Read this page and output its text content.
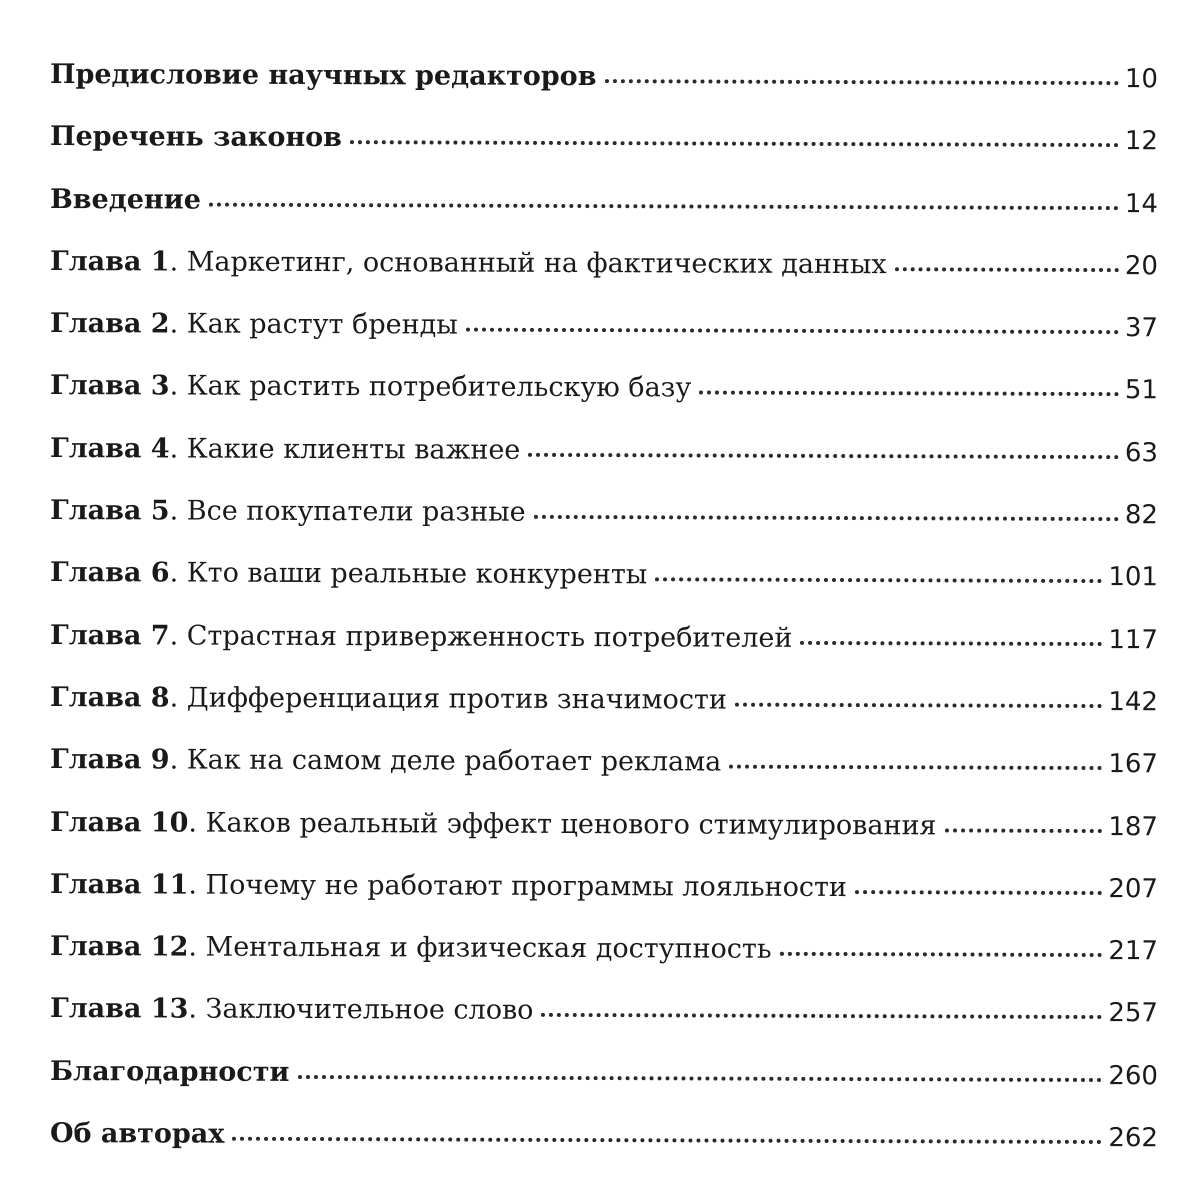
Предисловие научных редакторов	10
Перечень законов	12
Введение	14
Глава 1. Маркетинг, основанный на фактических данных	20
Глава 2. Как растут бренды	37
Глава 3. Как растить потребительскую базу	51
Глава 4. Какие клиенты важнее	63
Глава 5. Все покупатели разные	82
Глава 6. Кто ваши реальные конкуренты	101
Глава 7. Страстная приверженность потребителей	117
Глава 8. Дифференциация против значимости	142
Глава 9. Как на самом деле работает реклама	167
Глава 10. Каков реальный эффект ценового стимулирования	187
Глава 11. Почему не работают программы лояльности	207
Глава 12. Ментальная и физическая доступность	217
Глава 13. Заключительное слово	257
Благодарности	260
Об авторах	262
